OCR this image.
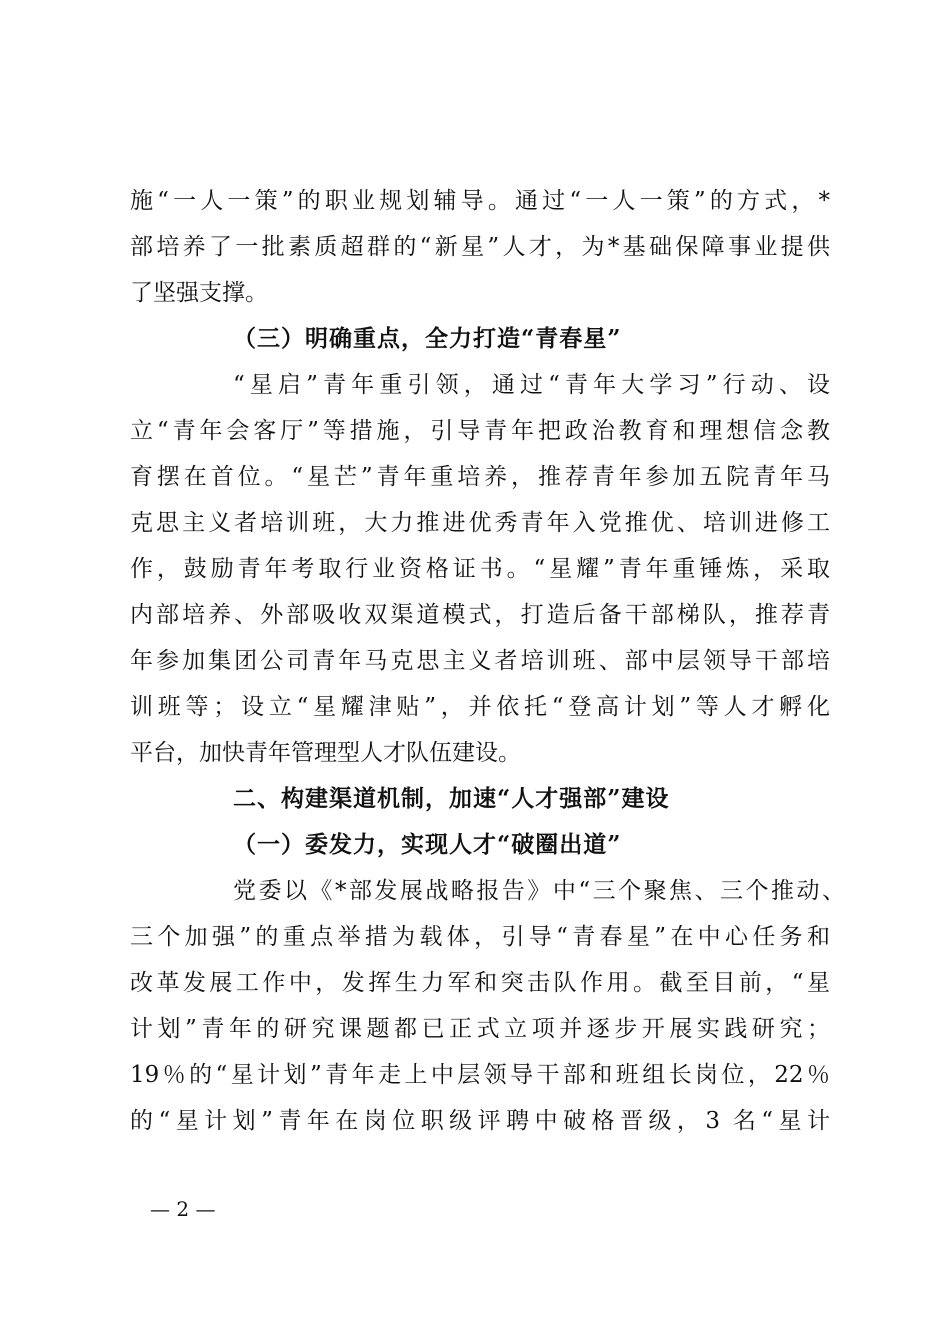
施“一人一策”的职业规划辅导。通过“一人一策”的方式，*
部培养了一批素质超群的“新星”人才，为*基础保障事业提供
了坚强支撑。
（三）明确重点，全力打造“青春星”
“星启”青年重引领，通过“青年大学习”行动、设
立“青年会客厅”等措施，引导青年把政治教育和理想信念教
育摆在首位。“星芒”青年重培养，推荐青年参加五院青年马
克思主义者培训班，大力推进优秀青年入党推优、培训进修工
作，鼓励青年考取行业资格证书。“星耀”青年重锤炼，采取
内部培养、外部吸收双渠道模式，打造后备干部梯队，推荐青
年参加集团公司青年马克思主义者培训班、部中层领导干部培
训班等；设立“星耀津贴”，并依托“登高计划”等人才孵化
平台，加快青年管理型人才队伍建设。
二、构建渠道机制，加速“人才强部”建设
（一）委发力，实现人才“破圈出道”
党委以《*部发展战略报告》中“三个聚焦、三个推动、
三个加强”的重点举措为载体，引导“青春星”在中心任务和
改革发展工作中，发挥生力军和突击队作用。截至目前，“星
计划”青年的研究课题都已正式立项并逐步开展实践研究；
19％的“星计划”青年走上中层领导干部和班组长岗位，22％
的“星计划”青年在岗位职级评聘中破格晋级，3 名“星计
— 2 —
